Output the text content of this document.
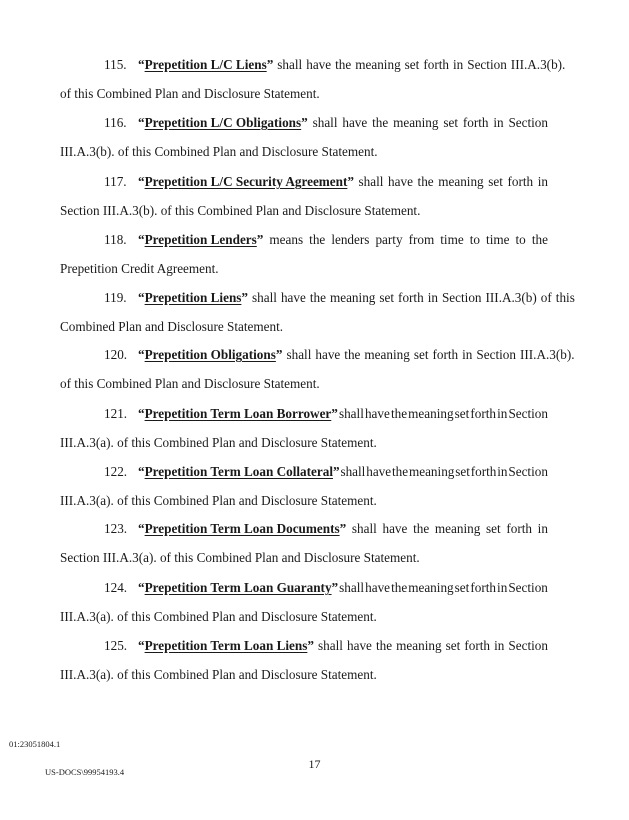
115. “Prepetition L/C Liens” shall have the meaning set forth in Section III.A.3(b).
of this Combined Plan and Disclosure Statement.
116. “Prepetition L/C Obligations” shall have the meaning set forth in Section
III.A.3(b). of this Combined Plan and Disclosure Statement.
117. “Prepetition L/C Security Agreement” shall have the meaning set forth in
Section III.A.3(b). of this Combined Plan and Disclosure Statement.
118. “Prepetition Lenders” means the lenders party from time to time to the
Prepetition Credit Agreement.
119. “Prepetition Liens” shall have the meaning set forth in Section III.A.3(b) of this
Combined Plan and Disclosure Statement.
120. “Prepetition Obligations” shall have the meaning set forth in Section III.A.3(b).
of this Combined Plan and Disclosure Statement.
121. “Prepetition Term Loan Borrower” shall have the meaning set forth in Section
III.A.3(a). of this Combined Plan and Disclosure Statement.
122. “Prepetition Term Loan Collateral” shall have the meaning set forth in Section
III.A.3(a). of this Combined Plan and Disclosure Statement.
123. “Prepetition Term Loan Documents” shall have the meaning set forth in
Section III.A.3(a). of this Combined Plan and Disclosure Statement.
124. “Prepetition Term Loan Guaranty” shall have the meaning set forth in Section
III.A.3(a). of this Combined Plan and Disclosure Statement.
125. “Prepetition Term Loan Liens” shall have the meaning set forth in Section
III.A.3(a). of this Combined Plan and Disclosure Statement.
01:23051804.1
17
US-DOCS\99954193.4
